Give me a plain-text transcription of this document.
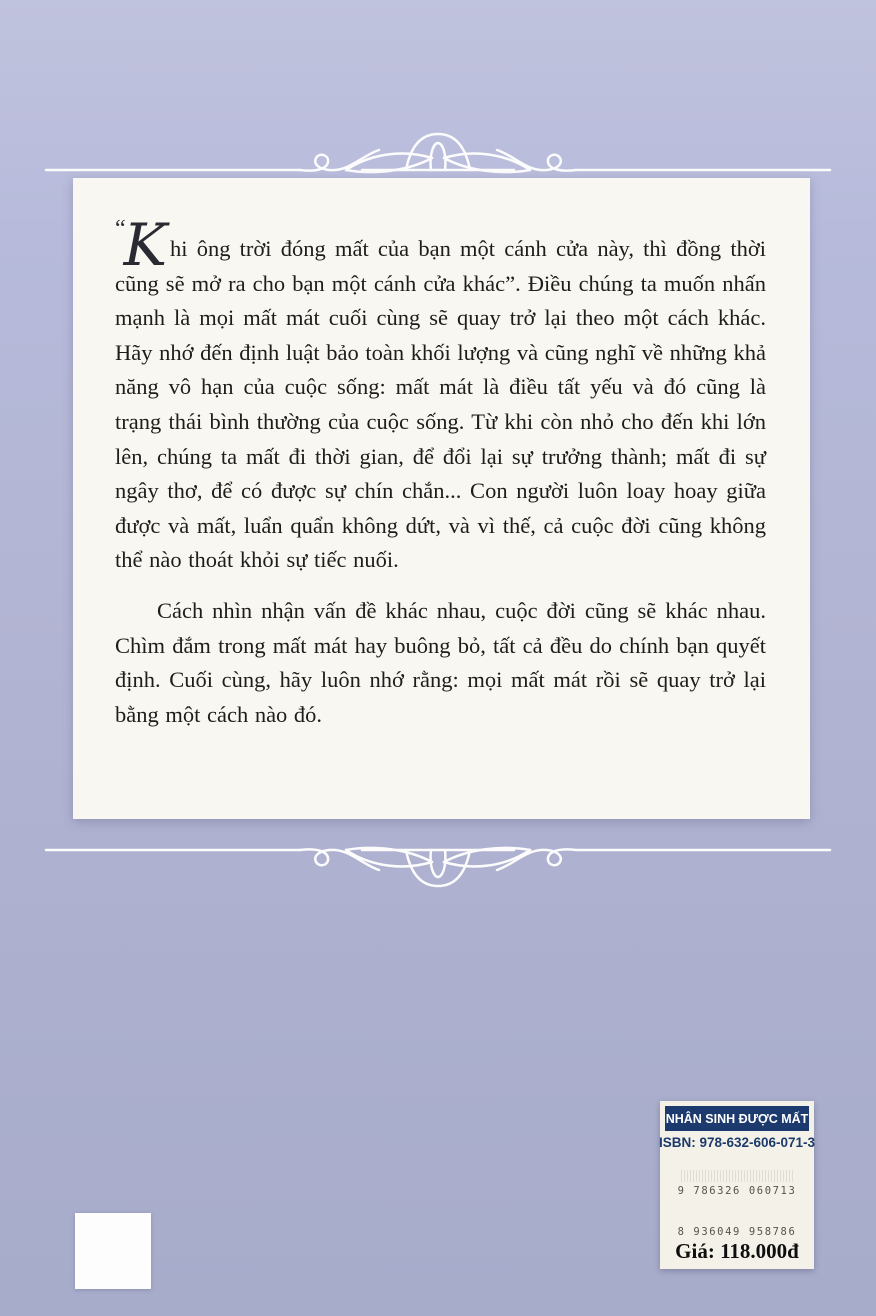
“K hi ông trời đóng mất của bạn một cánh cửa này, thì đồng thời cũng sẽ mở ra cho bạn một cánh cửa khác”. Điều chúng ta muốn nhấn mạnh là mọi mất mát cuối cùng sẽ quay trở lại theo một cách khác. Hãy nhớ đến định luật bảo toàn khối lượng và cũng nghĩ về những khả năng vô hạn của cuộc sống: mất mát là điều tất yếu và đó cũng là trạng thái bình thường của cuộc sống. Từ khi còn nhỏ cho đến khi lớn lên, chúng ta mất đi thời gian, để đổi lại sự trưởng thành; mất đi sự ngây thơ, để có được sự chín chắn... Con người luôn loay hoay giữa được và mất, luẩn quẩn không dứt, và vì thế, cả cuộc đời cũng không thể nào thoát khỏi sự tiếc nuối.

Cách nhìn nhận vấn đề khác nhau, cuộc đời cũng sẽ khác nhau. Chìm đắm trong mất mát hay buông bỏ, tất cả đều do chính bạn quyết định. Cuối cùng, hãy luôn nhớ rằng: mọi mất mát rồi sẽ quay trở lại bằng một cách nào đó.

NHÂN SINH ĐƯỢC MẤT
ISBN: 978-632-606-071-3
9 786326 060713
8 936049 958786
Giá: 118.000đ
